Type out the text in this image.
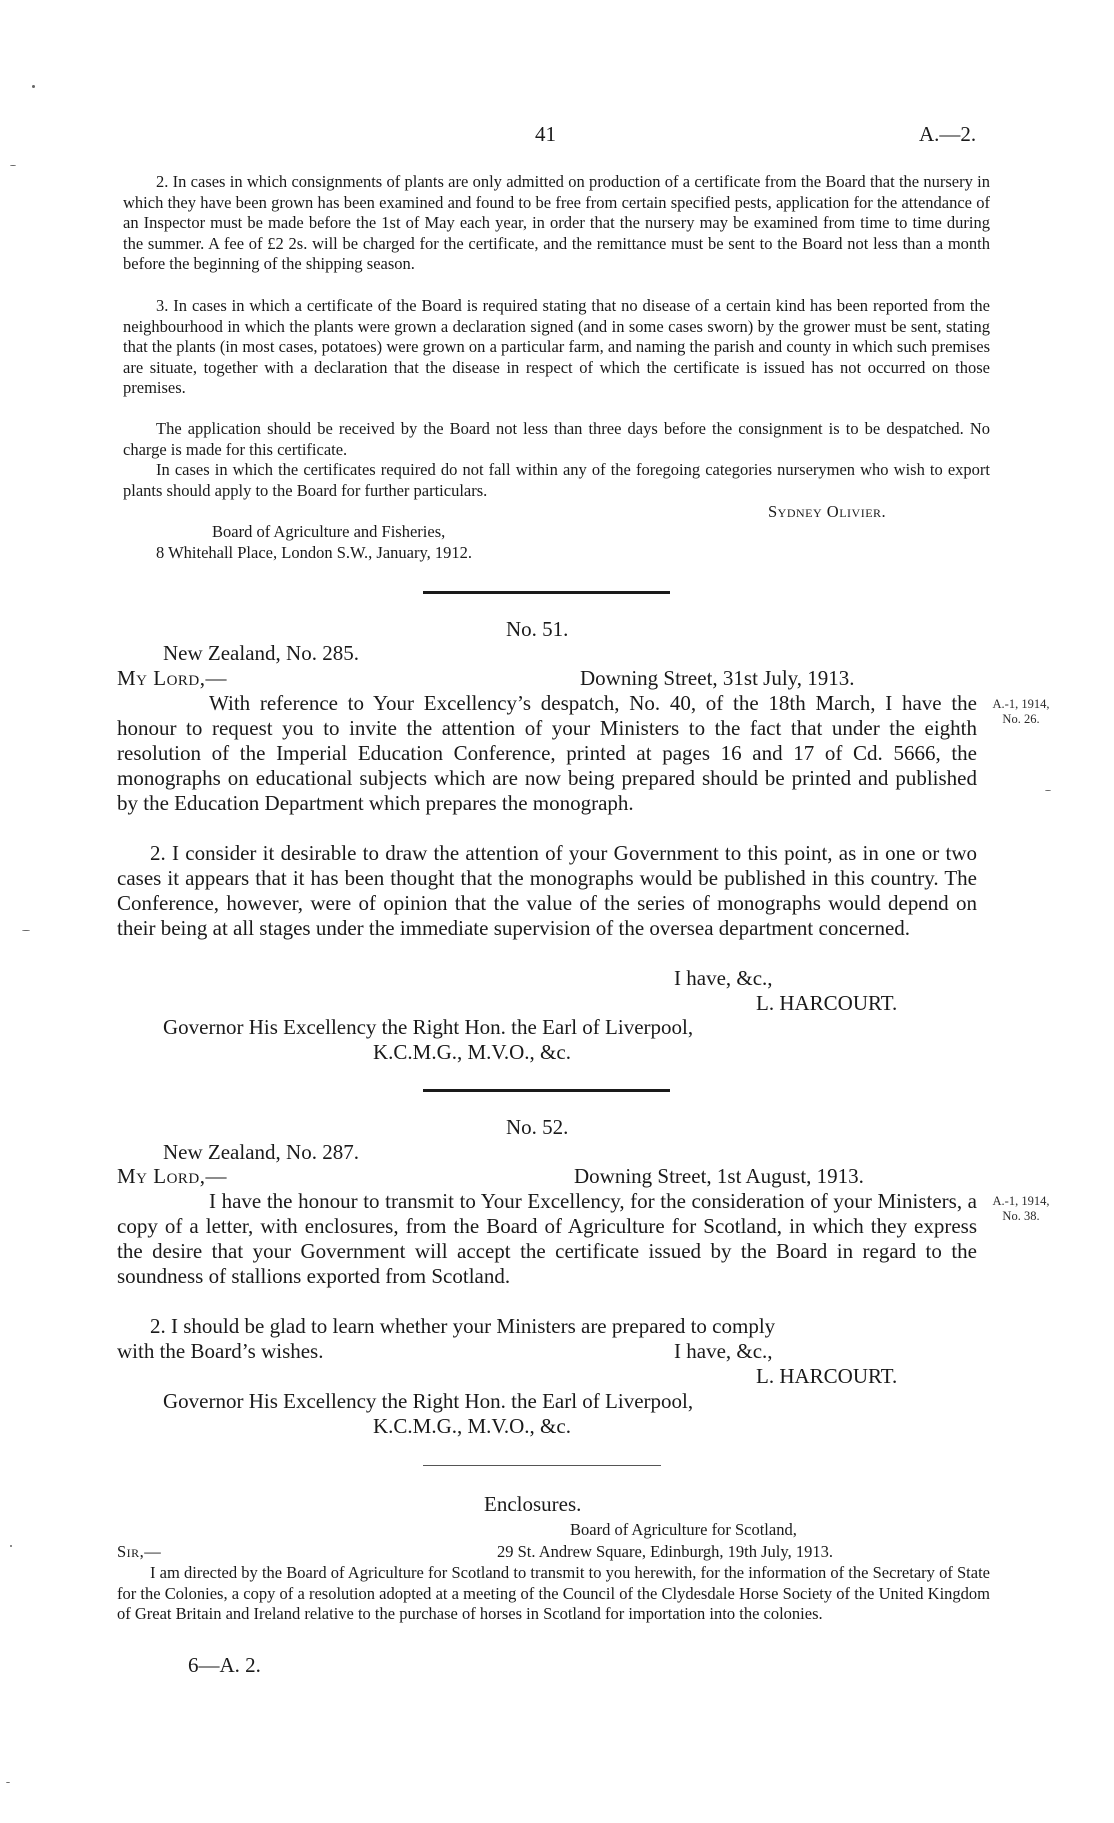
41	A.—2.
2. In cases in which consignments of plants are only admitted on production of a certificate from the Board that the nursery in which they have been grown has been examined and found to be free from certain specified pests, application for the attendance of an Inspector must be made before the 1st of May each year, in order that the nursery may be examined from time to time during the summer. A fee of £2 2s. will be charged for the certificate, and the remittance must be sent to the Board not less than a month before the beginning of the shipping season.
3. In cases in which a certificate of the Board is required stating that no disease of a certain kind has been reported from the neighbourhood in which the plants were grown a declaration signed (and in some cases sworn) by the grower must be sent, stating that the plants (in most cases, potatoes) were grown on a particular farm, and naming the parish and county in which such premises are situate, together with a declaration that the disease in respect of which the certificate is issued has not occurred on those premises.
The application should be received by the Board not less than three days before the consignment is to be despatched. No charge is made for this certificate.
In cases in which the certificates required do not fall within any of the foregoing categories nurserymen who wish to export plants should apply to the Board for further particulars.
Sydney Olivier.
Board of Agriculture and Fisheries,
8 Whitehall Place, London S.W., January, 1912.
No. 51.
New Zealand, No. 285.
My Lord,—	Downing Street, 31st July, 1913.
With reference to Your Excellency’s despatch, No. 40, of the 18th March, I have the honour to request you to invite the attention of your Ministers to the fact that under the eighth resolution of the Imperial Education Conference, printed at pages 16 and 17 of Cd. 5666, the monographs on educational subjects which are now being prepared should be printed and published by the Education Department which prepares the monograph.
2. I consider it desirable to draw the attention of your Government to this point, as in one or two cases it appears that it has been thought that the monographs would be published in this country. The Conference, however, were of opinion that the value of the series of monographs would depend on their being at all stages under the immediate supervision of the oversea department concerned.
I have, &c.,
L. HARCOURT.
Governor His Excellency the Right Hon. the Earl of Liverpool,
K.C.M.G., M.V.O., &c.
A.-1, 1914,
No. 26.
No. 52.
New Zealand, No. 287.
My Lord,—	Downing Street, 1st August, 1913.
I have the honour to transmit to Your Excellency, for the consideration of your Ministers, a copy of a letter, with enclosures, from the Board of Agriculture for Scotland, in which they express the desire that your Government will accept the certificate issued by the Board in regard to the soundness of stallions exported from Scotland.
2. I should be glad to learn whether your Ministers are prepared to comply
with the Board’s wishes.	I have, &c.,
L. HARCOURT.
Governor His Excellency the Right Hon. the Earl of Liverpool,
K.C.M.G., M.V.O., &c.
A.-1, 1914,
No. 38.
Enclosures.
Board of Agriculture for Scotland,
Sir,—	29 St. Andrew Square, Edinburgh, 19th July, 1913.
I am directed by the Board of Agriculture for Scotland to transmit to you herewith, for the information of the Secretary of State for the Colonies, a copy of a resolution adopted at a meeting of the Council of the Clydesdale Horse Society of the United Kingdom of Great Britain and Ireland relative to the purchase of horses in Scotland for importation into the colonies.
6—A. 2.
